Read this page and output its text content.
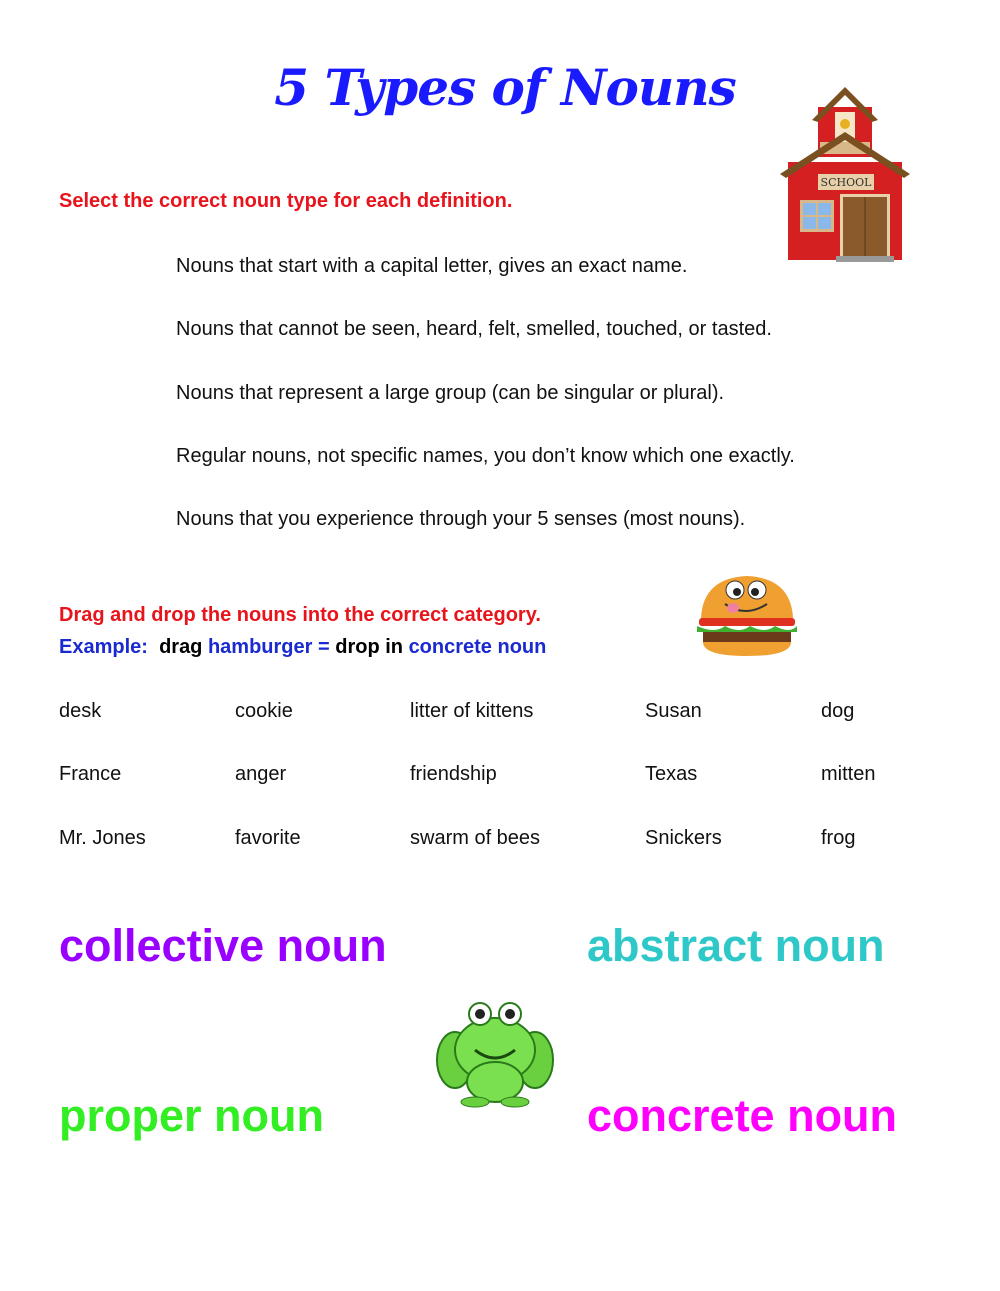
5 Types of Nouns
SCHOOL
Select the correct noun type for each definition.
Nouns that start with a capital letter, gives an exact name.
Nouns that cannot be seen, heard, felt, smelled, touched, or tasted.
Nouns that represent a large group (can be singular or plural).
Regular nouns, not specific names, you don’t know which one exactly.
Nouns that you experience through your 5 senses (most nouns).
Drag and drop the nouns into the correct category.
Example: drag hamburger = drop in concrete noun
desk	cookie	litter of kittens	Susan	dog
France	anger	friendship	Texas	mitten
Mr. Jones	favorite	swarm of bees	Snickers	frog
collective noun	abstract noun
proper noun	concrete noun
